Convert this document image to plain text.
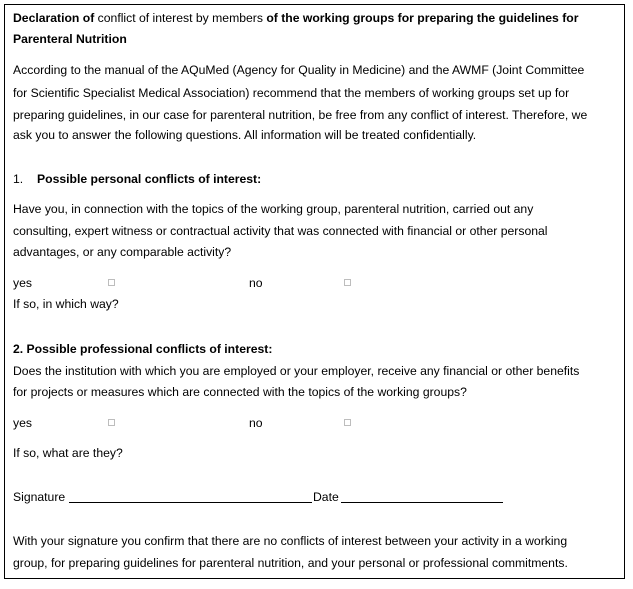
Declaration of conflict of interest by members of the working groups for preparing the guidelines for
Parenteral Nutrition
According to the manual of the AQuMed (Agency for Quality in Medicine) and the AWMF (Joint Committee
for Scientific Specialist Medical Association) recommend that the members of working groups set up for
preparing guidelines, in our case for parenteral nutrition, be free from any conflict of interest. Therefore, we
ask you to answer the following questions. All information will be treated confidentially.
1. Possible personal conflicts of interest:
Have you, in connection with the topics of the working group, parenteral nutrition, carried out any
consulting, expert witness or contractual activity that was connected with financial or other personal
advantages, or any comparable activity?
yes	no
If so, in which way?
2. Possible professional conflicts of interest:
Does the institution with which you are employed or your employer, receive any financial or other benefits
for projects or measures which are connected with the topics of the working groups?
yes	no
If so, what are they?
Signature	Date
With your signature you confirm that there are no conflicts of interest between your activity in a working
group, for preparing guidelines for parenteral nutrition, and your personal or professional commitments.
